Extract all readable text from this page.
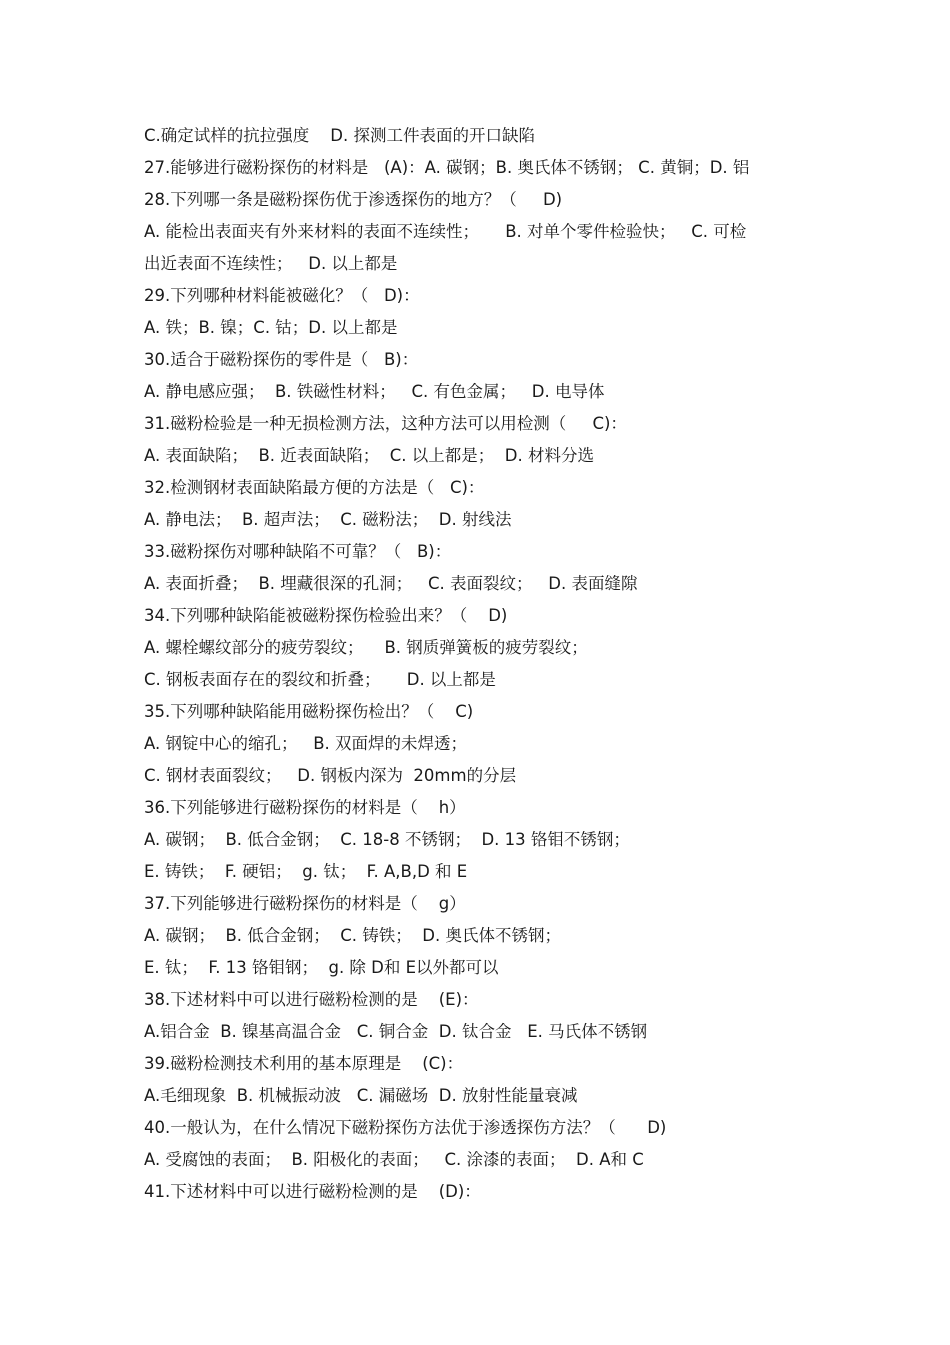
C.确定试样的抗拉强度    D. 探测工件表面的开口缺陷
27.能够进行磁粉探伤的材料是   (A)：A. 碳钢；B. 奥氏体不锈钢； C. 黄铜；D. 铝
28.下列哪一条是磁粉探伤优于渗透探伤的地方？（     D)
A. 能检出表面夹有外来材料的表面不连续性；     B. 对单个零件检验快；   C. 可检
出近表面不连续性；   D. 以上都是
29.下列哪种材料能被磁化？（   D)：
A. 铁；B. 镍；C. 钴；D. 以上都是
30.适合于磁粉探伤的零件是（   B)：
A. 静电感应强；  B. 铁磁性材料；   C. 有色金属；   D. 电导体
31.磁粉检验是一种无损检测方法，这种方法可以用检测（     C)：
A. 表面缺陷；  B. 近表面缺陷；  C. 以上都是；  D. 材料分选
32.检测钢材表面缺陷最方便的方法是（   C)：
A. 静电法；  B. 超声法；  C. 磁粉法；  D. 射线法
33.磁粉探伤对哪种缺陷不可靠？（   B)：
A. 表面折叠；  B. 埋藏很深的孔洞；   C. 表面裂纹；   D. 表面缝隙
34.下列哪种缺陷能被磁粉探伤检验出来？（    D)
A. 螺栓螺纹部分的疲劳裂纹；    B. 钢质弹簧板的疲劳裂纹；
C. 钢板表面存在的裂纹和折叠；     D. 以上都是
35.下列哪种缺陷能用磁粉探伤检出？（    C)
A. 钢锭中心的缩孔；   B. 双面焊的未焊透；
C. 钢材表面裂纹；   D. 钢板内深为  20mm的分层
36.下列能够进行磁粉探伤的材料是（    h）
A. 碳钢；  B. 低合金钢；  C. 18-8 不锈钢；  D. 13 铬钼不锈钢；
E. 铸铁；  F. 硬铝；  g. 钛；  F. A,B,D 和 E
37.下列能够进行磁粉探伤的材料是（    g）
A. 碳钢；  B. 低合金钢；  C. 铸铁；  D. 奥氏体不锈钢；
E. 钛；  F. 13 铬钼钢；  g. 除 D和 E以外都可以
38.下述材料中可以进行磁粉检测的是    (E)：
A.铝合金  B. 镍基高温合金   C. 铜合金  D. 钛合金   E. 马氏体不锈钢
39.磁粉检测技术利用的基本原理是    (C)：
A.毛细现象  B. 机械振动波   C. 漏磁场  D. 放射性能量衰减
40.一般认为，在什么情况下磁粉探伤方法优于渗透探伤方法？（      D)
A. 受腐蚀的表面；  B. 阳极化的表面；   C. 涂漆的表面；  D. A和 C
41.下述材料中可以进行磁粉检测的是    (D)：
